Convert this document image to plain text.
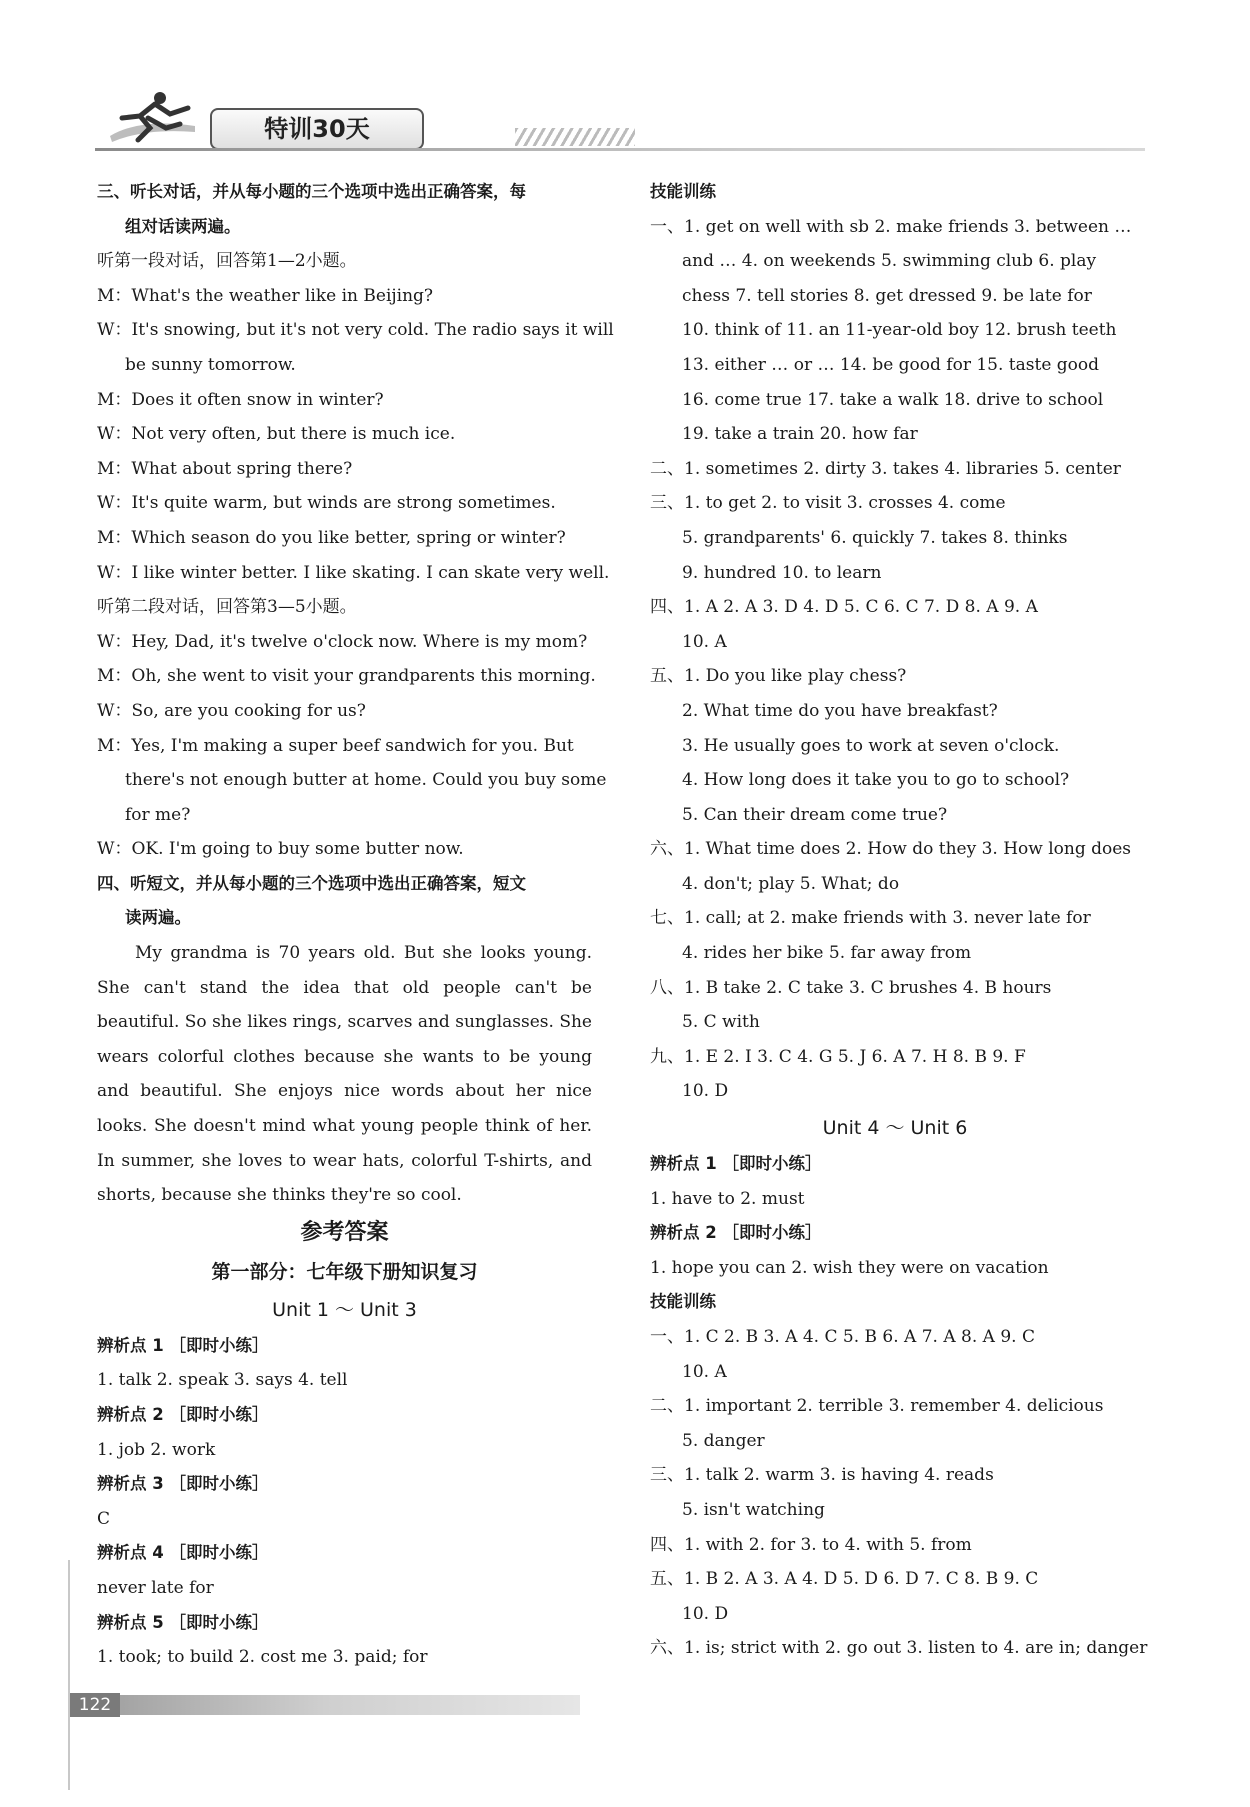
特训30天

三、听长对话，并从每小题的三个选项中选出正确答案，每

组对话读两遍。

听第一段对话，回答第1—2小题。

M：What's the weather like in Beijing?

W：It's snowing, but it's not very cold. The radio says it will

be sunny tomorrow.

M：Does it often snow in winter?

W：Not very often, but there is much ice.

M：What about spring there?

W：It's quite warm, but winds are strong sometimes.

M：Which season do you like better, spring or winter?

W：I like winter better. I like skating. I can skate very well.

听第二段对话，回答第3—5小题。

W：Hey, Dad, it's twelve o'clock now. Where is my mom?

M：Oh, she went to visit your grandparents this morning.

W：So, are you cooking for us?

M：Yes, I'm making a super beef sandwich for you. But

there's not enough butter at home. Could you buy some

for me?

W：OK. I'm going to buy some butter now.

四、听短文，并从每小题的三个选项中选出正确答案，短文

读两遍。

My grandma is 70 years old. But she looks young. She can't stand the idea that old people can't be beautiful. So she likes rings, scarves and sunglasses. She wears colorful clothes because she wants to be young and beautiful. She enjoys nice words about her nice looks. She doesn't mind what young people think of her. In summer, she loves to wear hats, colorful T-shirts, and shorts, because she thinks they're so cool.

参考答案

第一部分：七年级下册知识复习

Unit 1 ～ Unit 3

辨析点 1 ［即时小练］

1. talk 2. speak 3. says 4. tell

辨析点 2 ［即时小练］

1. job 2. work

辨析点 3 ［即时小练］

C

辨析点 4 ［即时小练］

never late for

辨析点 5 ［即时小练］

1. took; to build 2. cost me 3. paid; for

技能训练

一、1. get on well with sb 2. make friends 3. between …

and … 4. on weekends 5. swimming club 6. play

chess 7. tell stories 8. get dressed 9. be late for

10. think of 11. an 11-year-old boy 12. brush teeth

13. either … or … 14. be good for 15. taste good

16. come true 17. take a walk 18. drive to school

19. take a train 20. how far

二、1. sometimes 2. dirty 3. takes 4. libraries 5. center

三、1. to get 2. to visit 3. crosses 4. come

5. grandparents' 6. quickly 7. takes 8. thinks

9. hundred 10. to learn

四、1. A 2. A 3. D 4. D 5. C 6. C 7. D 8. A 9. A

10. A

五、1. Do you like play chess?

2. What time do you have breakfast?

3. He usually goes to work at seven o'clock.

4. How long does it take you to go to school?

5. Can their dream come true?

六、1. What time does 2. How do they 3. How long does

4. don't; play 5. What; do

七、1. call; at 2. make friends with 3. never late for

4. rides her bike 5. far away from

八、1. B take 2. C take 3. C brushes 4. B hours

5. C with

九、1. E 2. I 3. C 4. G 5. J 6. A 7. H 8. B 9. F

10. D

Unit 4 ～ Unit 6

辨析点 1 ［即时小练］

1. have to 2. must

辨析点 2 ［即时小练］

1. hope you can 2. wish they were on vacation

技能训练

一、1. C 2. B 3. A 4. C 5. B 6. A 7. A 8. A 9. C

10. A

二、1. important 2. terrible 3. remember 4. delicious

5. danger

三、1. talk 2. warm 3. is having 4. reads

5. isn't watching

四、1. with 2. for 3. to 4. with 5. from

五、1. B 2. A 3. A 4. D 5. D 6. D 7. C 8. B 9. C

10. D

六、1. is; strict with 2. go out 3. listen to 4. are in; danger

122
